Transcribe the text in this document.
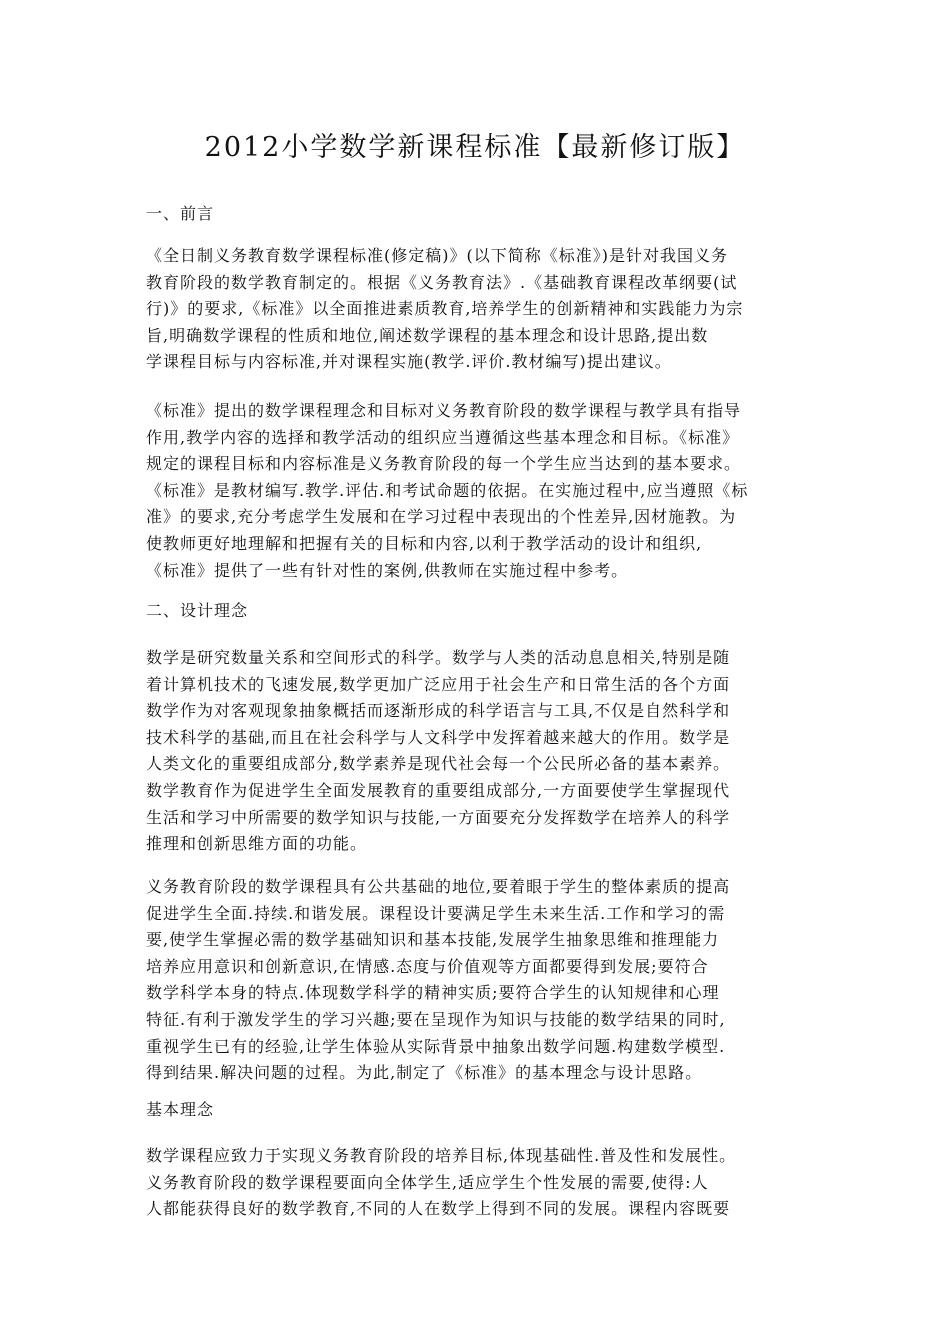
2012小学数学新课程标准【最新修订版】
一、前言
《全日制义务教育数学课程标准(修定稿)》(以下简称《标准》)是针对我国义务
教育阶段的数学教育制定的。根据《义务教育法》.《基础教育课程改革纲要(试
行)》的要求,《标准》以全面推进素质教育,培养学生的创新精神和实践能力为宗
旨,明确数学课程的性质和地位,阐述数学课程的基本理念和设计思路,提出数
学课程目标与内容标准,并对课程实施(教学.评价.教材编写)提出建议。
《标准》提出的数学课程理念和目标对义务教育阶段的数学课程与教学具有指导
作用,教学内容的选择和教学活动的组织应当遵循这些基本理念和目标。《标准》
规定的课程目标和内容标准是义务教育阶段的每一个学生应当达到的基本要求。
《标准》是教材编写.教学.评估.和考试命题的依据。在实施过程中,应当遵照《标
准》的要求,充分考虑学生发展和在学习过程中表现出的个性差异,因材施教。为
使教师更好地理解和把握有关的目标和内容,以利于教学活动的设计和组织,
《标准》提供了一些有针对性的案例,供教师在实施过程中参考。
二、设计理念
数学是研究数量关系和空间形式的科学。数学与人类的活动息息相关,特别是随
着计算机技术的飞速发展,数学更加广泛应用于社会生产和日常生活的各个方面
数学作为对客观现象抽象概括而逐渐形成的科学语言与工具,不仅是自然科学和
技术科学的基础,而且在社会科学与人文科学中发挥着越来越大的作用。数学是
人类文化的重要组成部分,数学素养是现代社会每一个公民所必备的基本素养。
数学教育作为促进学生全面发展教育的重要组成部分,一方面要使学生掌握现代
生活和学习中所需要的数学知识与技能,一方面要充分发挥数学在培养人的科学
推理和创新思维方面的功能。
义务教育阶段的数学课程具有公共基础的地位,要着眼于学生的整体素质的提高
促进学生全面.持续.和谐发展。课程设计要满足学生未来生活.工作和学习的需
要,使学生掌握必需的数学基础知识和基本技能,发展学生抽象思维和推理能力
培养应用意识和创新意识,在情感.态度与价值观等方面都要得到发展;要符合
数学科学本身的特点.体现数学科学的精神实质;要符合学生的认知规律和心理
特征.有利于激发学生的学习兴趣;要在呈现作为知识与技能的数学结果的同时,
重视学生已有的经验,让学生体验从实际背景中抽象出数学问题.构建数学模型.
得到结果.解决问题的过程。为此,制定了《标准》的基本理念与设计思路。
基本理念
数学课程应致力于实现义务教育阶段的培养目标,体现基础性.普及性和发展性。
义务教育阶段的数学课程要面向全体学生,适应学生个性发展的需要,使得:人
人都能获得良好的数学教育,不同的人在数学上得到不同的发展。课程内容既要
